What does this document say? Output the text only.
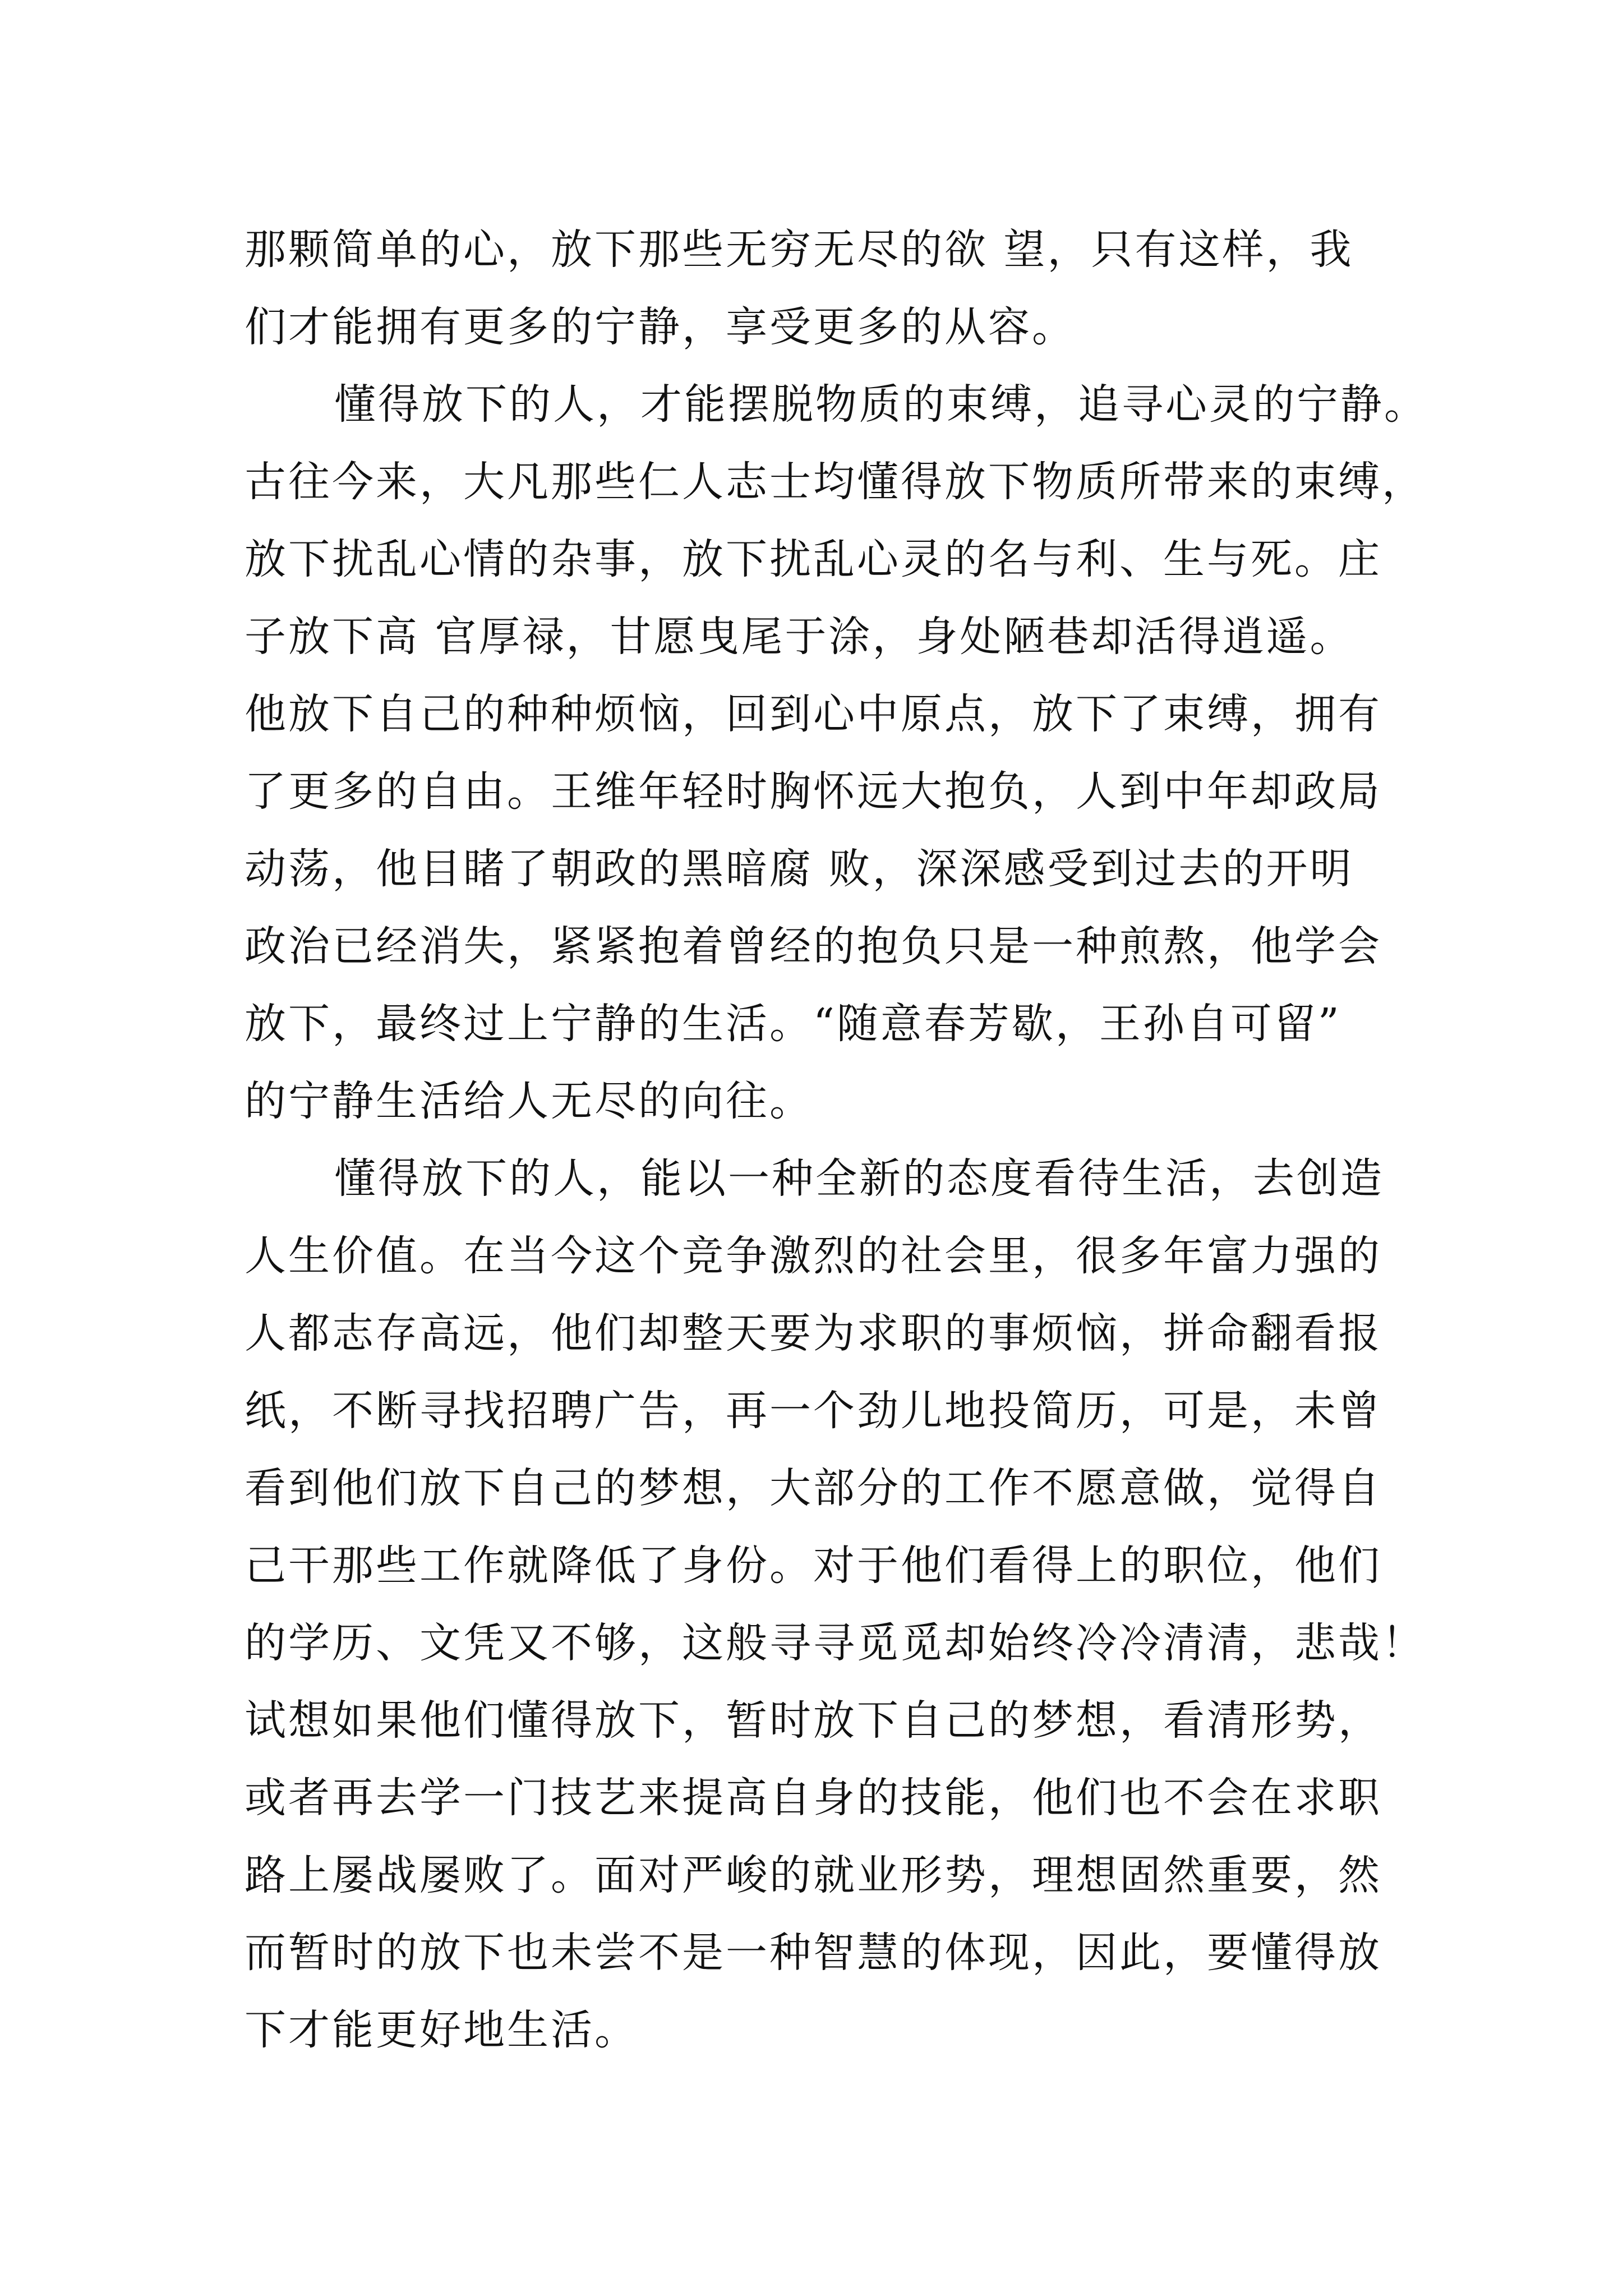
那颗简单的心，放下那些无穷无尽的欲 望，只有这样，我
们才能拥有更多的宁静，享受更多的从容。
懂得放下的人，才能摆脱物质的束缚，追寻心灵的宁静。
古往今来，大凡那些仁人志士均懂得放下物质所带来的束缚，
放下扰乱心情的杂事，放下扰乱心灵的名与利、生与死。庄
子放下高 官厚禄，甘愿曳尾于涂，身处陋巷却活得逍遥。
他放下自己的种种烦恼，回到心中原点，放下了束缚，拥有
了更多的自由。王维年轻时胸怀远大抱负，人到中年却政局
动荡，他目睹了朝政的黑暗腐 败，深深感受到过去的开明
政治已经消失，紧紧抱着曾经的抱负只是一种煎熬，他学会
放下，最终过上宁静的生活。“随意春芳歇，王孙自可留”
的宁静生活给人无尽的向往。
懂得放下的人，能以一种全新的态度看待生活，去创造
人生价值。在当今这个竞争激烈的社会里，很多年富力强的
人都志存高远，他们却整天要为求职的事烦恼，拼命翻看报
纸，不断寻找招聘广告，再一个劲儿地投简历，可是，未曾
看到他们放下自己的梦想，大部分的工作不愿意做，觉得自
己干那些工作就降低了身份。对于他们看得上的职位，他们
的学历、文凭又不够，这般寻寻觅觅却始终冷冷清清，悲哉！
试想如果他们懂得放下，暂时放下自己的梦想，看清形势，
或者再去学一门技艺来提高自身的技能，他们也不会在求职
路上屡战屡败了。面对严峻的就业形势，理想固然重要，然
而暂时的放下也未尝不是一种智慧的体现，因此，要懂得放
下才能更好地生活。
